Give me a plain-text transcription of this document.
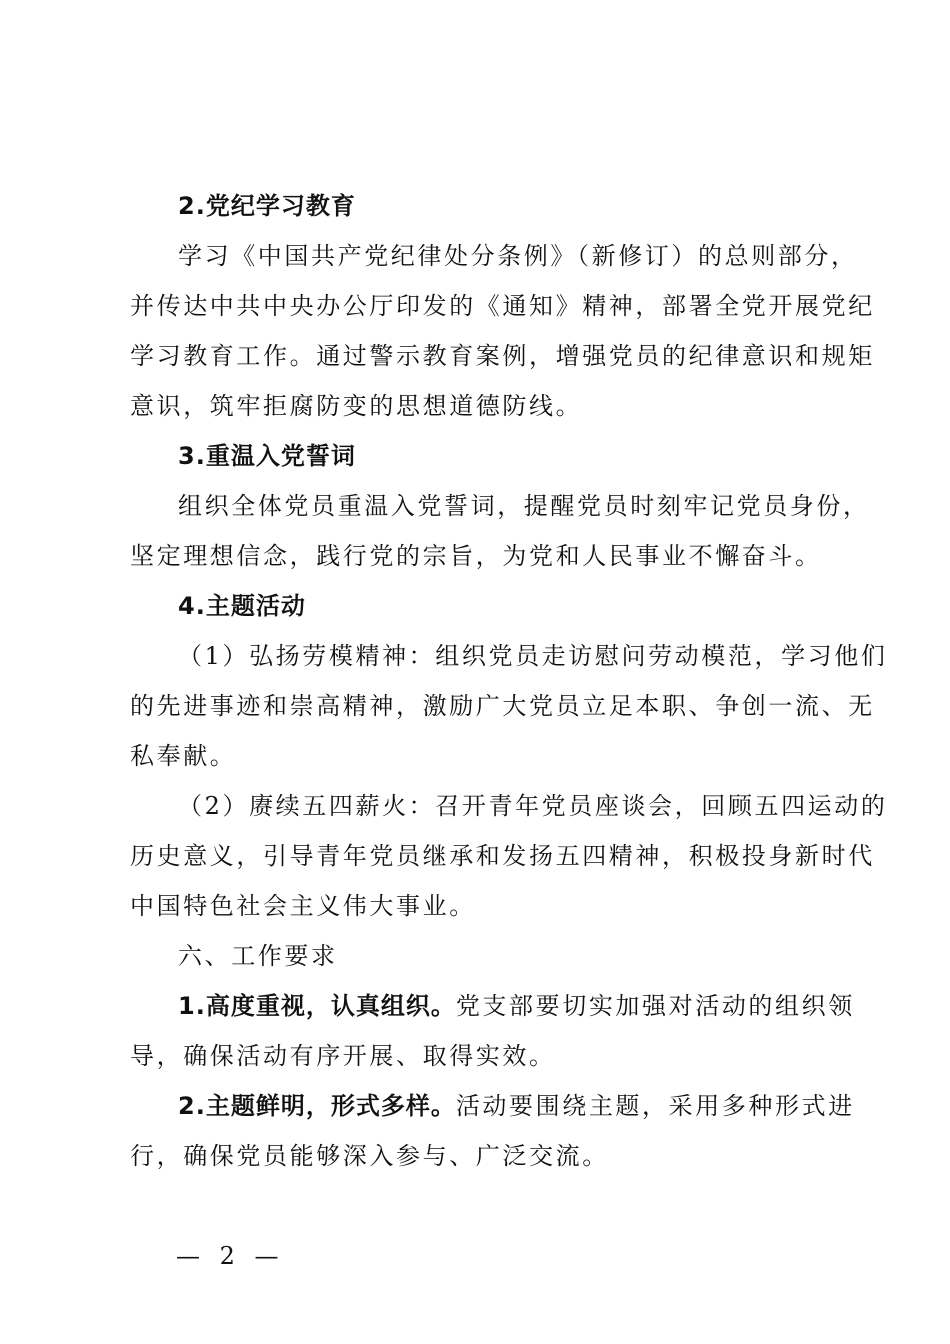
2.党纪学习教育
学习《中国共产党纪律处分条例》（新修订）的总则部分，
并传达中共中央办公厅印发的《通知》精神，部署全党开展党纪
学习教育工作。通过警示教育案例，增强党员的纪律意识和规矩
意识，筑牢拒腐防变的思想道德防线。
3.重温入党誓词
组织全体党员重温入党誓词，提醒党员时刻牢记党员身份，
坚定理想信念，践行党的宗旨，为党和人民事业不懈奋斗。
4.主题活动
（1）弘扬劳模精神：组织党员走访慰问劳动模范，学习他们
的先进事迹和崇高精神，激励广大党员立足本职、争创一流、无
私奉献。
（2）赓续五四薪火：召开青年党员座谈会，回顾五四运动的
历史意义，引导青年党员继承和发扬五四精神，积极投身新时代
中国特色社会主义伟大事业。
六、工作要求
1.高度重视，认真组织。党支部要切实加强对活动的组织领
导，确保活动有序开展、取得实效。
2.主题鲜明，形式多样。活动要围绕主题，采用多种形式进
行，确保党员能够深入参与、广泛交流。
— 2 —
